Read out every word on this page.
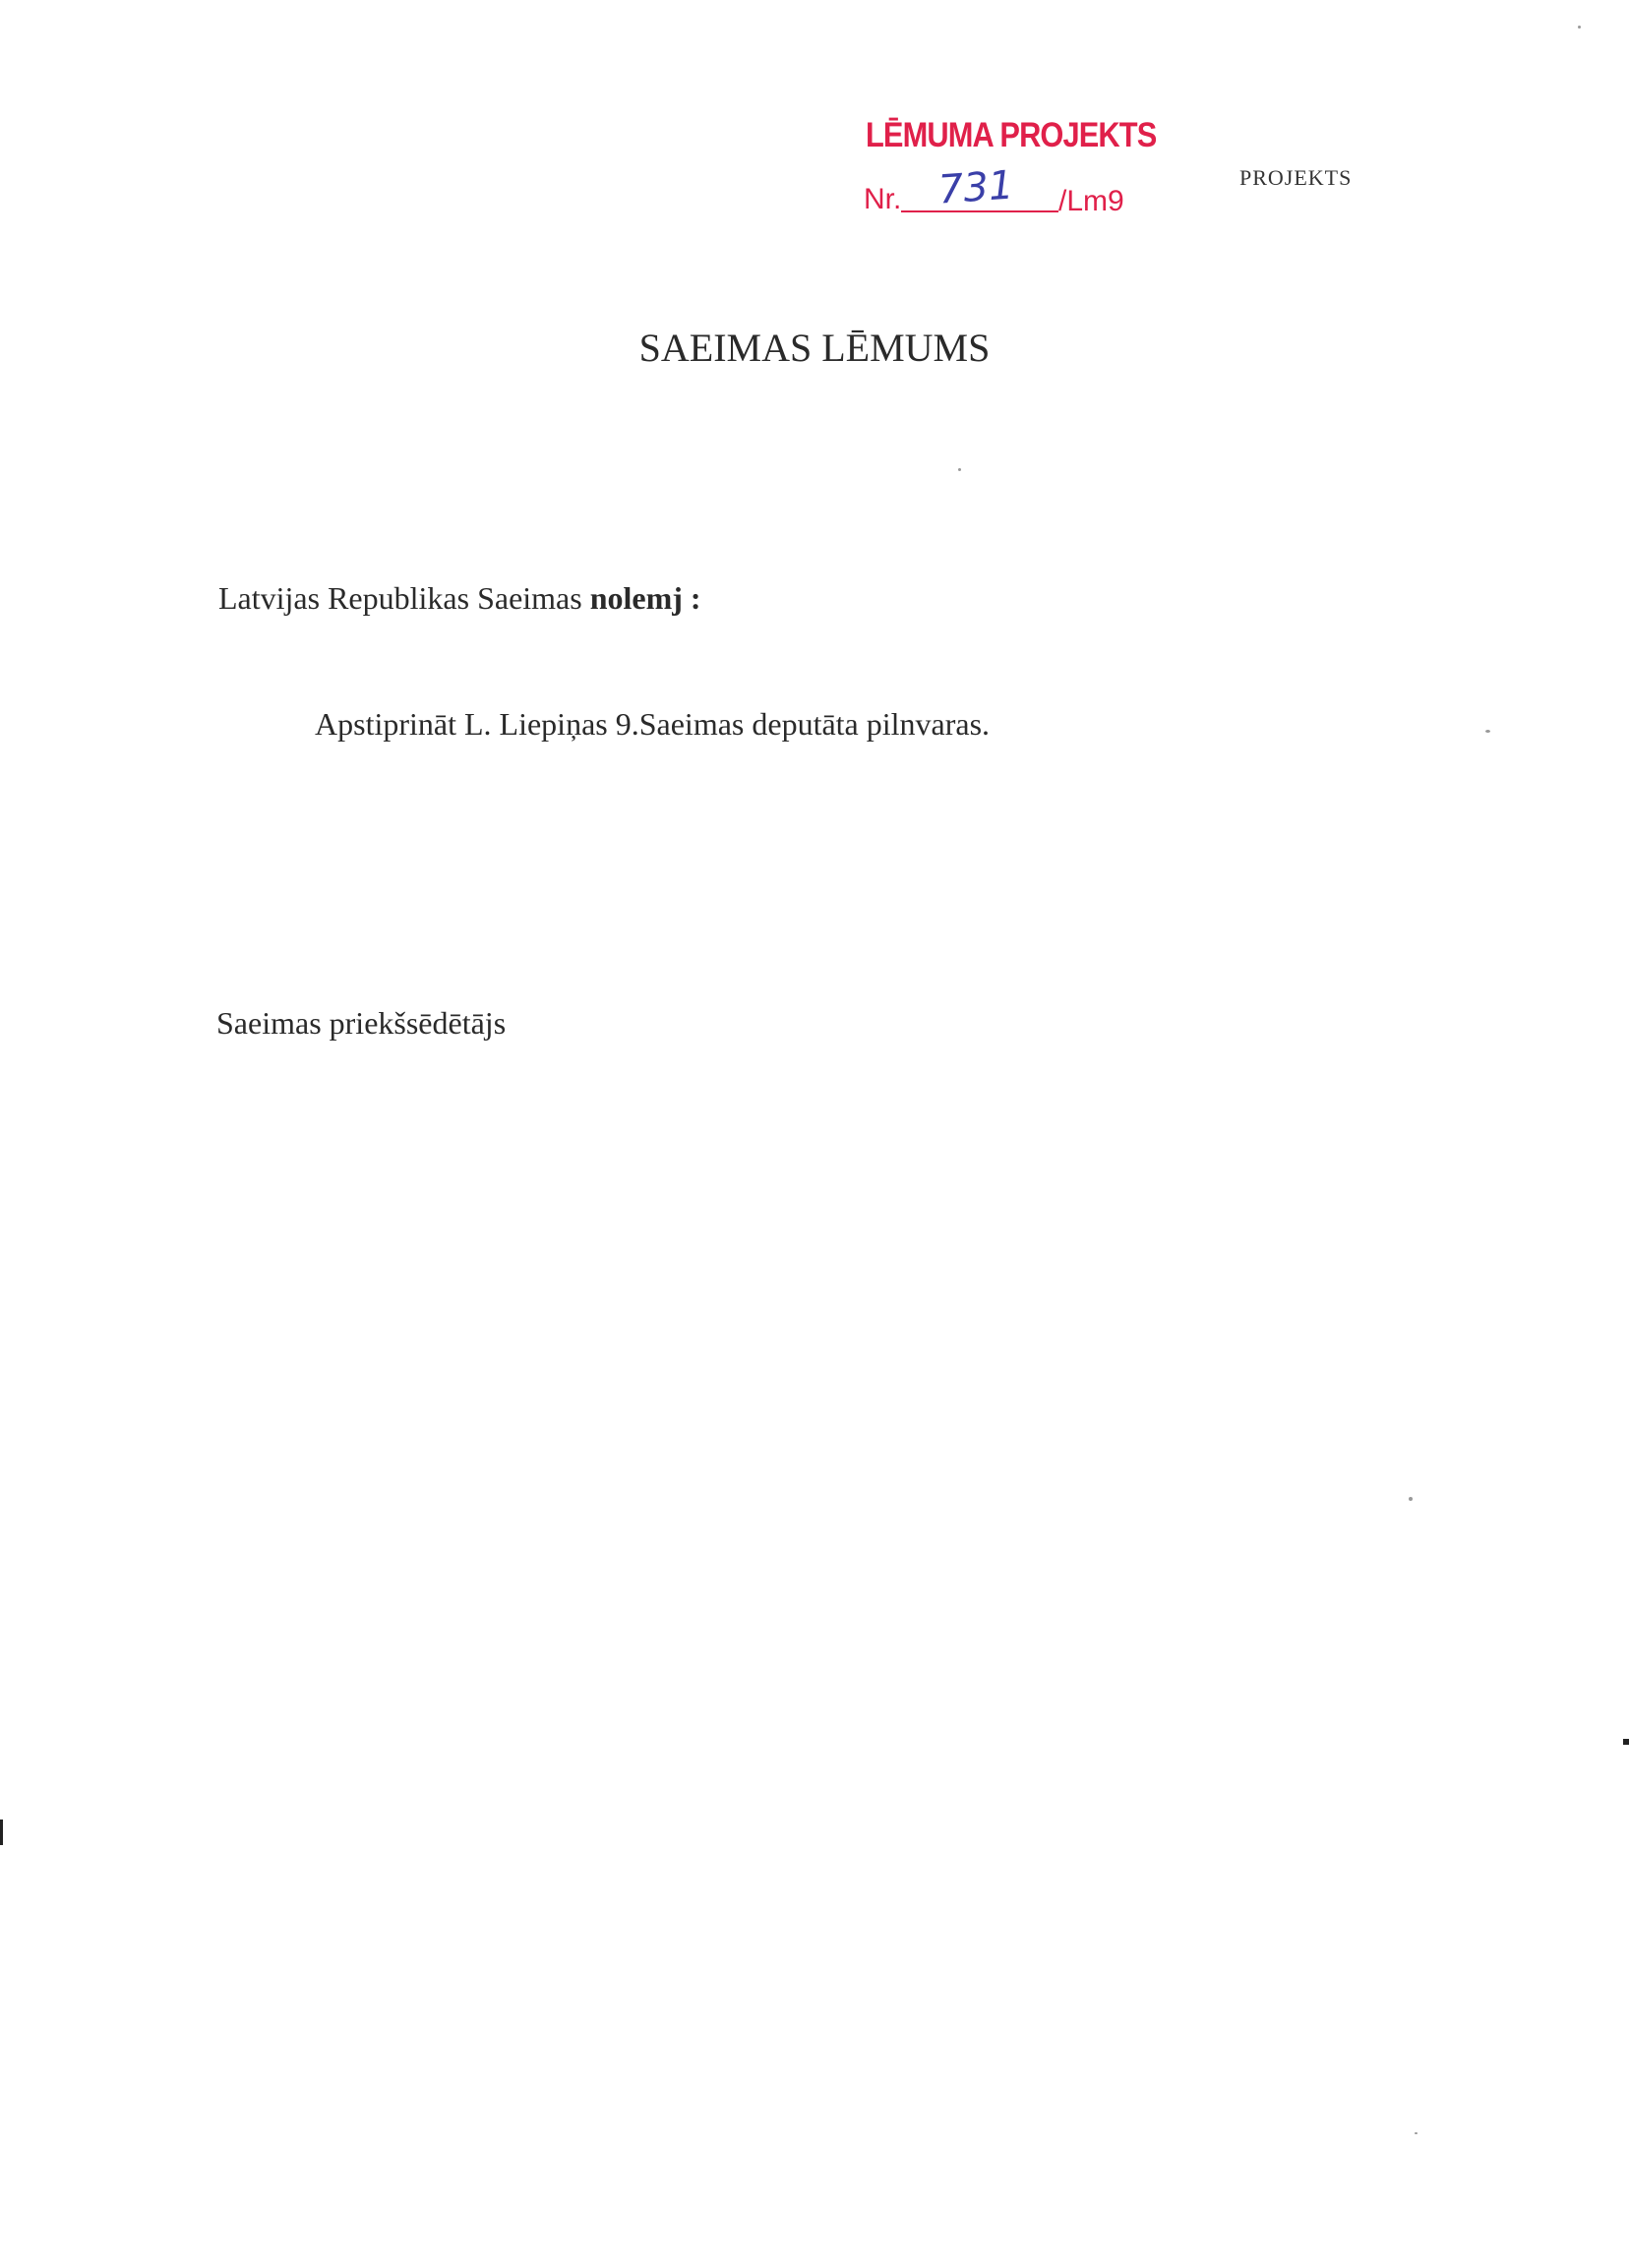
LĒMUMA PROJEKTS
Nr. 731 /Lm9
PROJEKTS
SAEIMAS LĒMUMS
Latvijas Republikas Saeimas nolemj :
Apstiprināt L. Liepiņas 9.Saeimas deputāta pilnvaras.
Saeimas priekšsēdētājs
